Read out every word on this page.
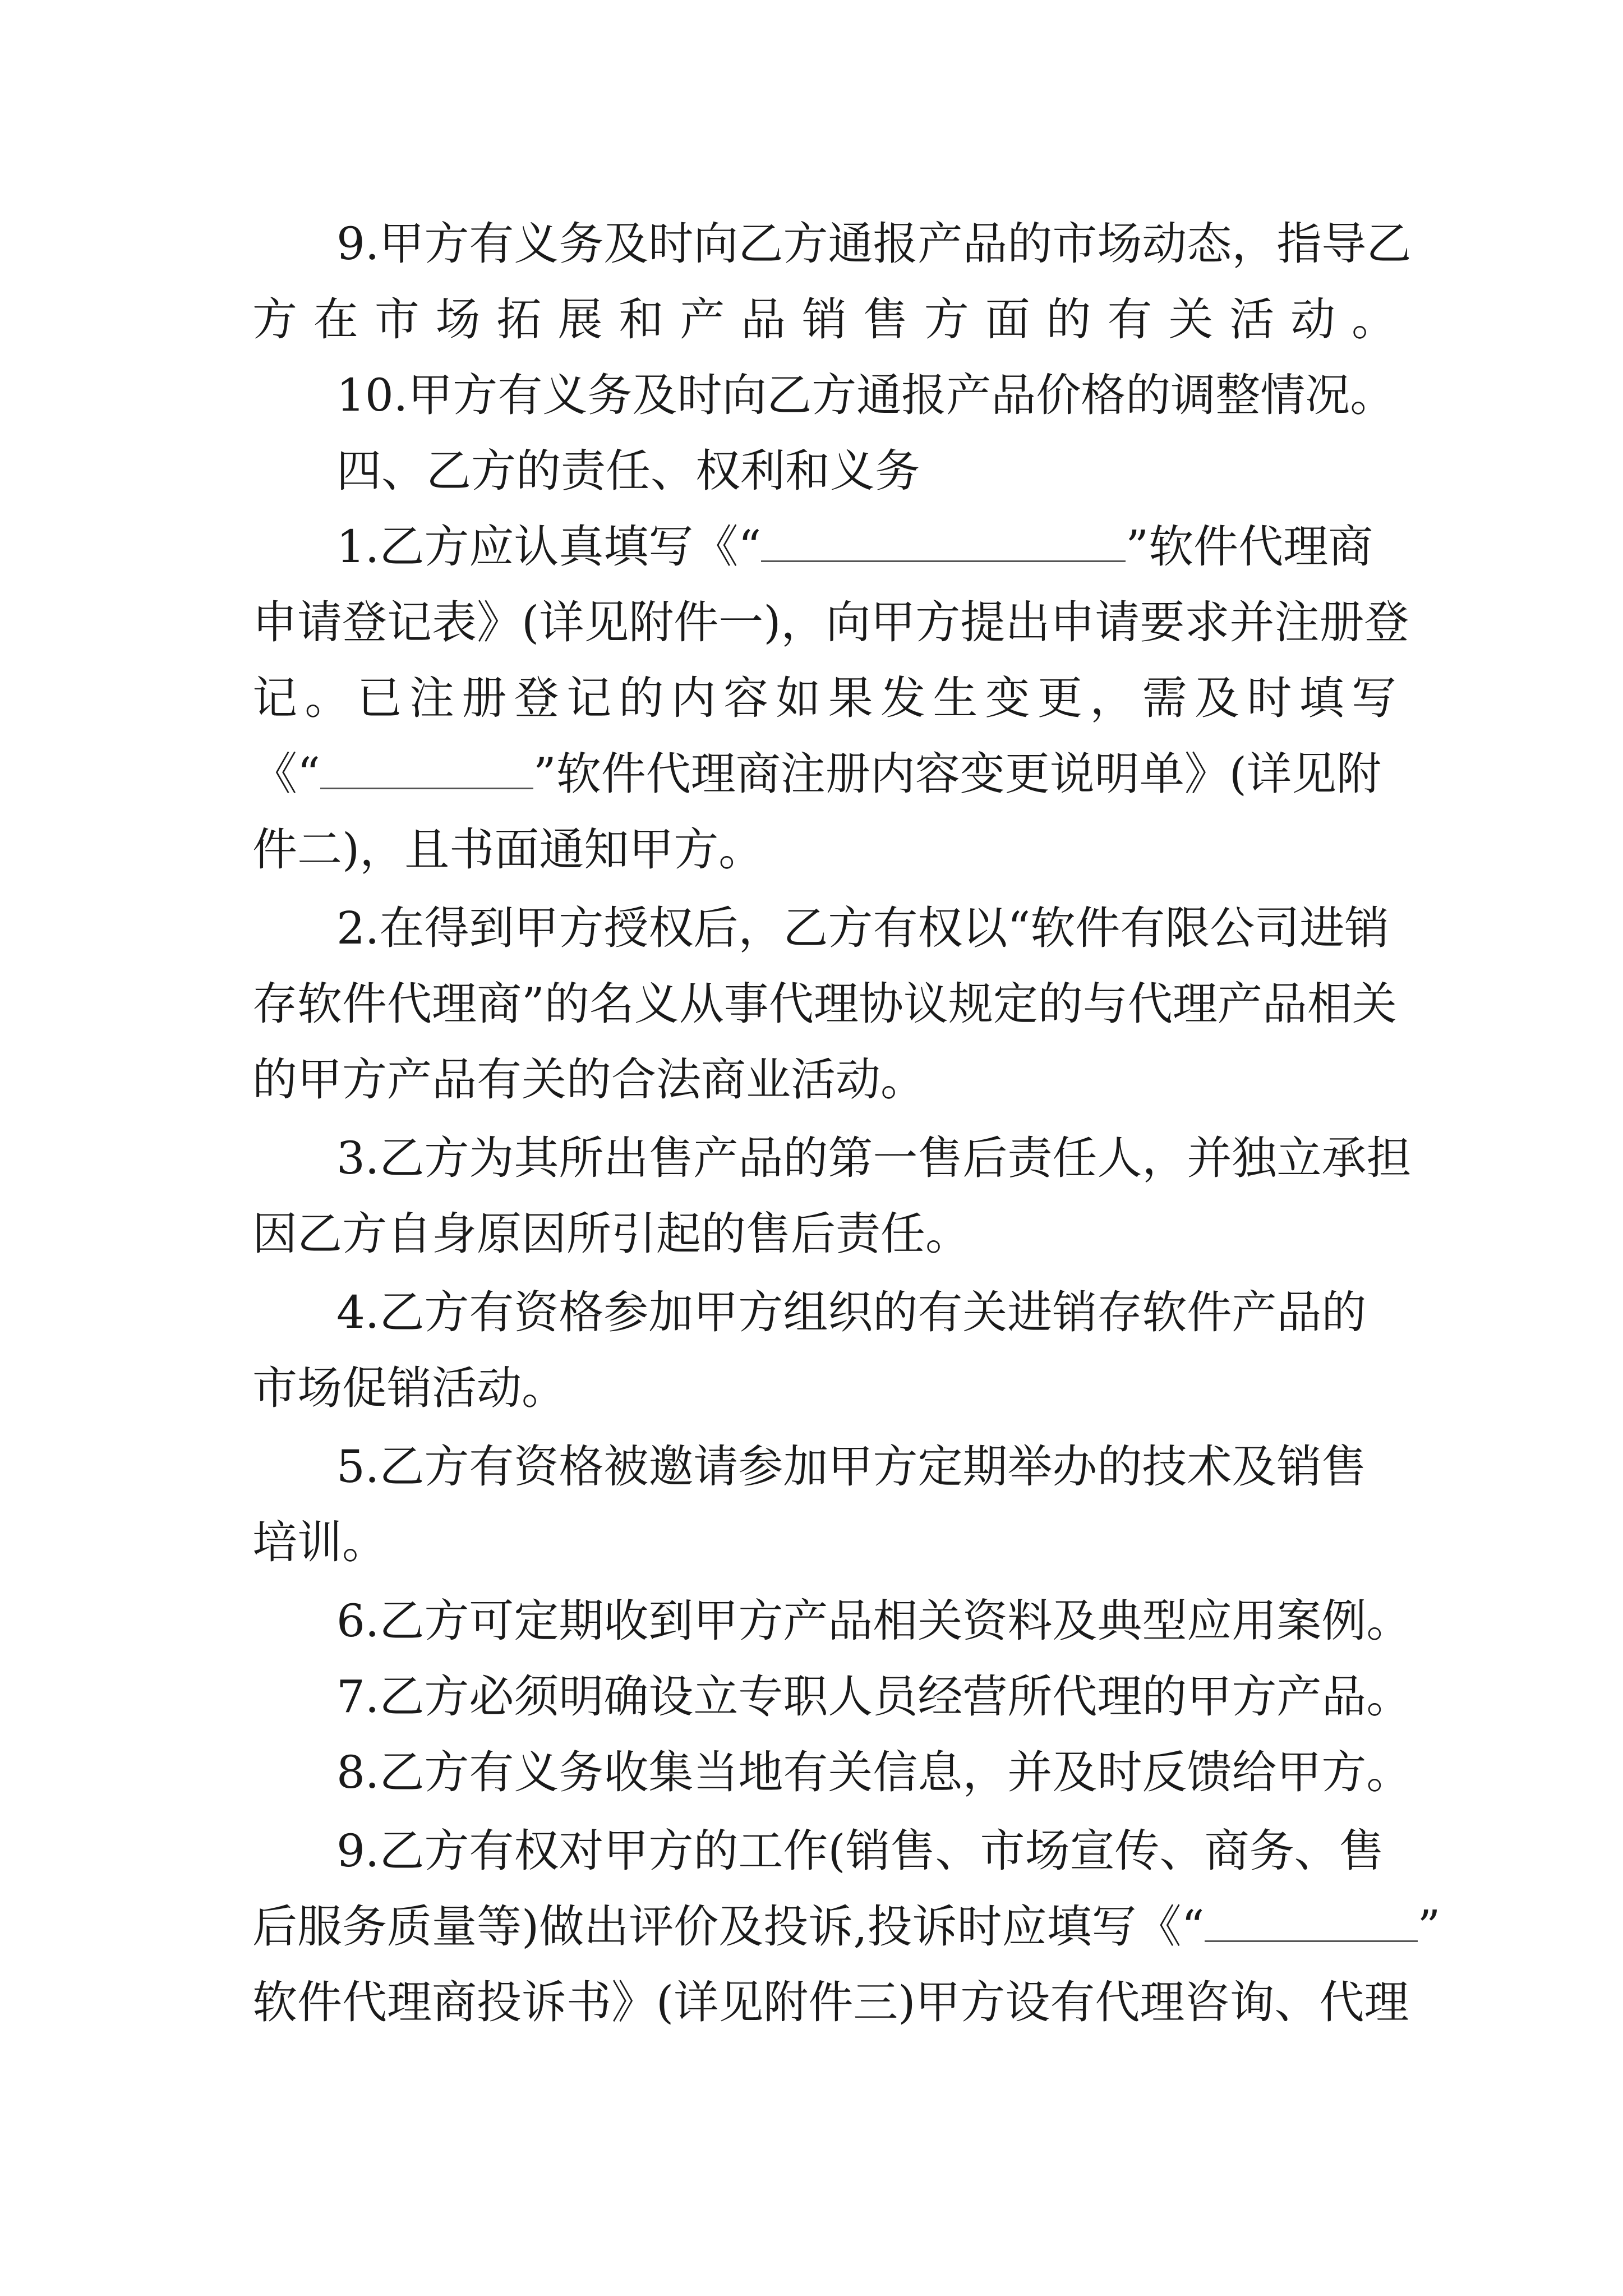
9.甲方有义务及时向乙方通报产品的市场动态，指导乙
方在市场拓展和产品销售方面的有关活动。
10.甲方有义务及时向乙方通报产品价格的调整情况。
四、乙方的责任、权利和义务
1.乙方应认真填写《“	”软件代理商
申请登记表》(详见附件一)，向甲方提出申请要求并注册登
记。已注册登记的内容如果发生变更，需及时填写
《“	”软件代理商注册内容变更说明单》(详见附
件二)，且书面通知甲方。
2.在得到甲方授权后，乙方有权以“软件有限公司进销
存软件代理商”的名义从事代理协议规定的与代理产品相关
的甲方产品有关的合法商业活动。
3.乙方为其所出售产品的第一售后责任人，并独立承担
因乙方自身原因所引起的售后责任。
4.乙方有资格参加甲方组织的有关进销存软件产品的
市场促销活动。
5.乙方有资格被邀请参加甲方定期举办的技术及销售
培训。
6.乙方可定期收到甲方产品相关资料及典型应用案例。
7.乙方必须明确设立专职人员经营所代理的甲方产品。
8.乙方有义务收集当地有关信息，并及时反馈给甲方。
9.乙方有权对甲方的工作(销售、市场宣传、商务、售
后服务质量等)做出评价及投诉,投诉时应填写《“	”
软件代理商投诉书》(详见附件三)甲方设有代理咨询、代理
